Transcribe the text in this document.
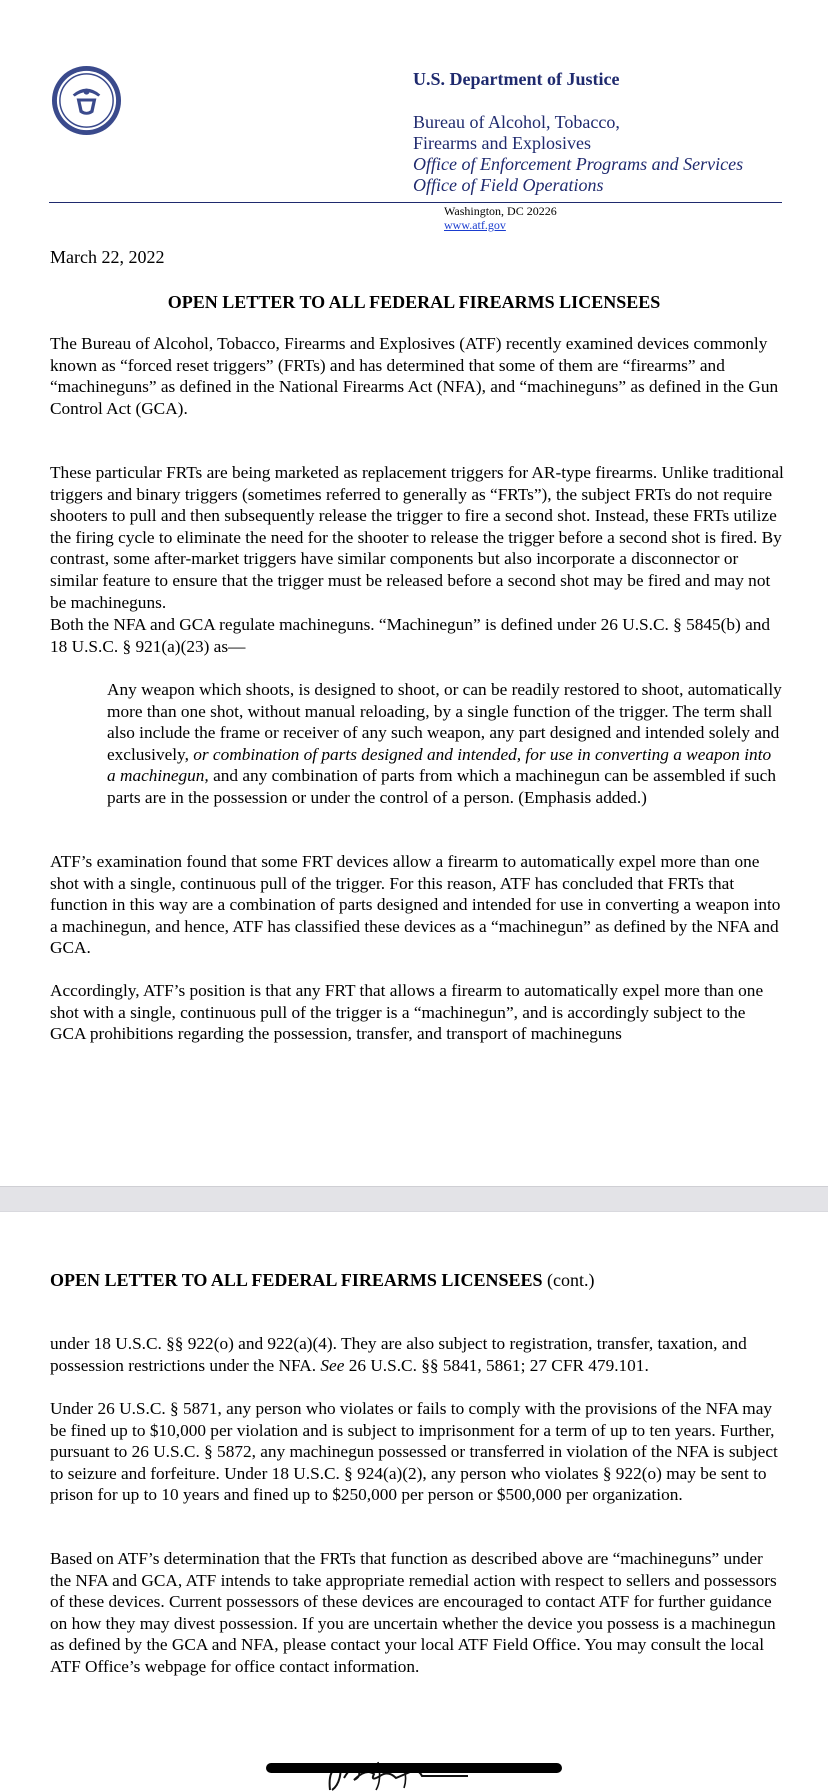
U.S. Department of Justice
Bureau of Alcohol, Tobacco,
Firearms and Explosives
Office of Enforcement Programs and Services
Office of Field Operations
Washington, DC 20226
www.atf.gov
March 22, 2022
OPEN LETTER TO ALL FEDERAL FIREARMS LICENSEES

The Bureau of Alcohol, Tobacco, Firearms and Explosives (ATF) recently examined devices commonly known as “forced reset triggers” (FRTs) and has determined that some of them are “firearms” and “machineguns” as defined in the National Firearms Act (NFA), and “machineguns” as defined in the Gun Control Act (GCA).

These particular FRTs are being marketed as replacement triggers for AR-type firearms. Unlike traditional triggers and binary triggers (sometimes referred to generally as “FRTs”), the subject FRTs do not require shooters to pull and then subsequently release the trigger to fire a second shot. Instead, these FRTs utilize the firing cycle to eliminate the need for the shooter to release the trigger before a second shot is fired. By contrast, some after-market triggers have similar components but also incorporate a disconnector or similar feature to ensure that the trigger must be released before a second shot may be fired and may not be machineguns.

Both the NFA and GCA regulate machineguns. “Machinegun” is defined under 26 U.S.C. § 5845(b) and 18 U.S.C. § 921(a)(23) as—

Any weapon which shoots, is designed to shoot, or can be readily restored to shoot, automatically more than one shot, without manual reloading, by a single function of the trigger. The term shall also include the frame or receiver of any such weapon, any part designed and intended solely and exclusively, or combination of parts designed and intended, for use in converting a weapon into a machinegun, and any combination of parts from which a machinegun can be assembled if such parts are in the possession or under the control of a person. (Emphasis added.)

ATF’s examination found that some FRT devices allow a firearm to automatically expel more than one shot with a single, continuous pull of the trigger. For this reason, ATF has concluded that FRTs that function in this way are a combination of parts designed and intended for use in converting a weapon into a machinegun, and hence, ATF has classified these devices as a “machinegun” as defined by the NFA and GCA.

Accordingly, ATF’s position is that any FRT that allows a firearm to automatically expel more than one shot with a single, continuous pull of the trigger is a “machinegun”, and is accordingly subject to the GCA prohibitions regarding the possession, transfer, and transport of machineguns

OPEN LETTER TO ALL FEDERAL FIREARMS LICENSEES (cont.)

under 18 U.S.C. §§ 922(o) and 922(a)(4). They are also subject to registration, transfer, taxation, and possession restrictions under the NFA. See 26 U.S.C. §§ 5841, 5861; 27 CFR 479.101.

Under 26 U.S.C. § 5871, any person who violates or fails to comply with the provisions of the NFA may be fined up to $10,000 per violation and is subject to imprisonment for a term of up to ten years. Further, pursuant to 26 U.S.C. § 5872, any machinegun possessed or transferred in violation of the NFA is subject to seizure and forfeiture. Under 18 U.S.C. § 924(a)(2), any person who violates § 922(o) may be sent to prison for up to 10 years and fined up to $250,000 per person or $500,000 per organization.

Based on ATF’s determination that the FRTs that function as described above are “machineguns” under the NFA and GCA, ATF intends to take appropriate remedial action with respect to sellers and possessors of these devices. Current possessors of these devices are encouraged to contact ATF for further guidance on how they may divest possession. If you are uncertain whether the device you possess is a machinegun as defined by the GCA and NFA, please contact your local ATF Field Office. You may consult the local ATF Office’s webpage for office contact information.
